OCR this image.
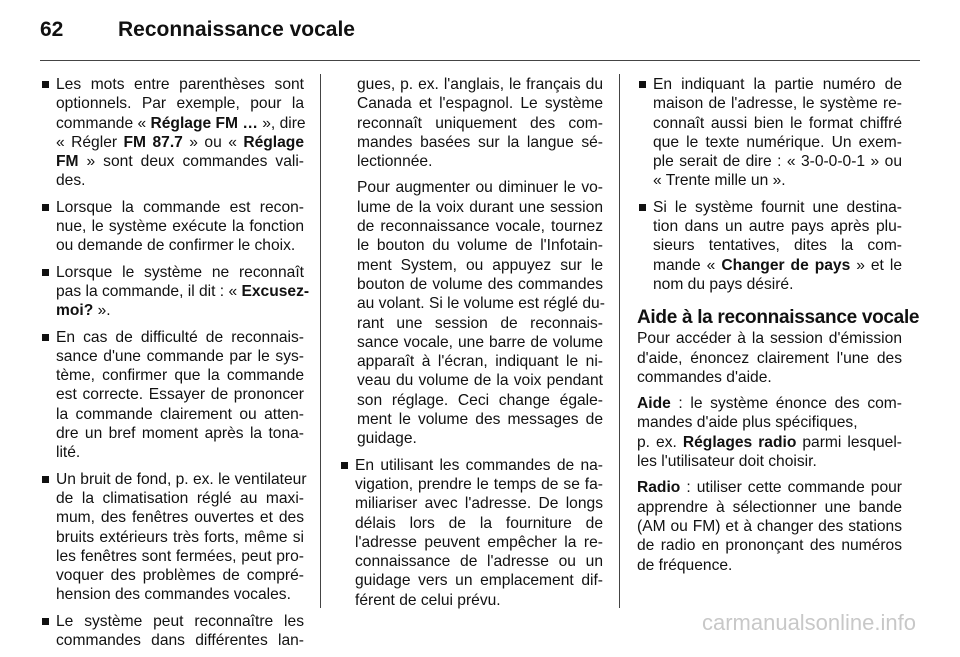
62	Reconnaissance vocale
Les mots entre parenthèses sont
optionnels. Par exemple, pour la
commande « Réglage FM … », dire
« Régler FM 87.7 » ou « Réglage
FM » sont deux commandes vali-
des.
Lorsque la commande est recon-
nue, le système exécute la fonction
ou demande de confirmer le choix.
Lorsque le système ne reconnaît
pas la commande, il dit : « Excusez-
moi? ».
En cas de difficulté de reconnais-
sance d'une commande par le sys-
tème, confirmer que la commande
est correcte. Essayer de prononcer
la commande clairement ou atten-
dre un bref moment après la tona-
lité.
Un bruit de fond, p. ex. le ventilateur
de la climatisation réglé au maxi-
mum, des fenêtres ouvertes et des
bruits extérieurs très forts, même si
les fenêtres sont fermées, peut pro-
voquer des problèmes de compré-
hension des commandes vocales.
Le système peut reconnaître les
commandes dans différentes lan-
gues, p. ex. l'anglais, le français du
Canada et l'espagnol. Le système
reconnaît uniquement des com-
mandes basées sur la langue sé-
lectionnée.
Pour augmenter ou diminuer le vo-
lume de la voix durant une session
de reconnaissance vocale, tournez
le bouton du volume de l'Infotain-
ment System, ou appuyez sur le
bouton de volume des commandes
au volant. Si le volume est réglé du-
rant une session de reconnais-
sance vocale, une barre de volume
apparaît à l'écran, indiquant le ni-
veau du volume de la voix pendant
son réglage. Ceci change égale-
ment le volume des messages de
guidage.
En utilisant les commandes de na-
vigation, prendre le temps de se fa-
miliariser avec l'adresse. De longs
délais lors de la fourniture de
l'adresse peuvent empêcher la re-
connaissance de l'adresse ou un
guidage vers un emplacement dif-
férent de celui prévu.
En indiquant la partie numéro de
maison de l'adresse, le système re-
connaît aussi bien le format chiffré
que le texte numérique. Un exem-
ple serait de dire : « 3-0-0-0-1 » ou
« Trente mille un ».
Si le système fournit une destina-
tion dans un autre pays après plu-
sieurs tentatives, dites la com-
mande « Changer de pays » et le
nom du pays désiré.
Aide à la reconnaissance vocale
Pour accéder à la session d'émission
d'aide, énoncez clairement l'une des
commandes d'aide.
Aide : le système énonce des com-
mandes d'aide plus spécifiques,
p. ex. Réglages radio parmi lesquel-
les l'utilisateur doit choisir.
Radio : utiliser cette commande pour
apprendre à sélectionner une bande
(AM ou FM) et à changer des stations
de radio en prononçant des numéros
de fréquence.
carmanualsonline.info
